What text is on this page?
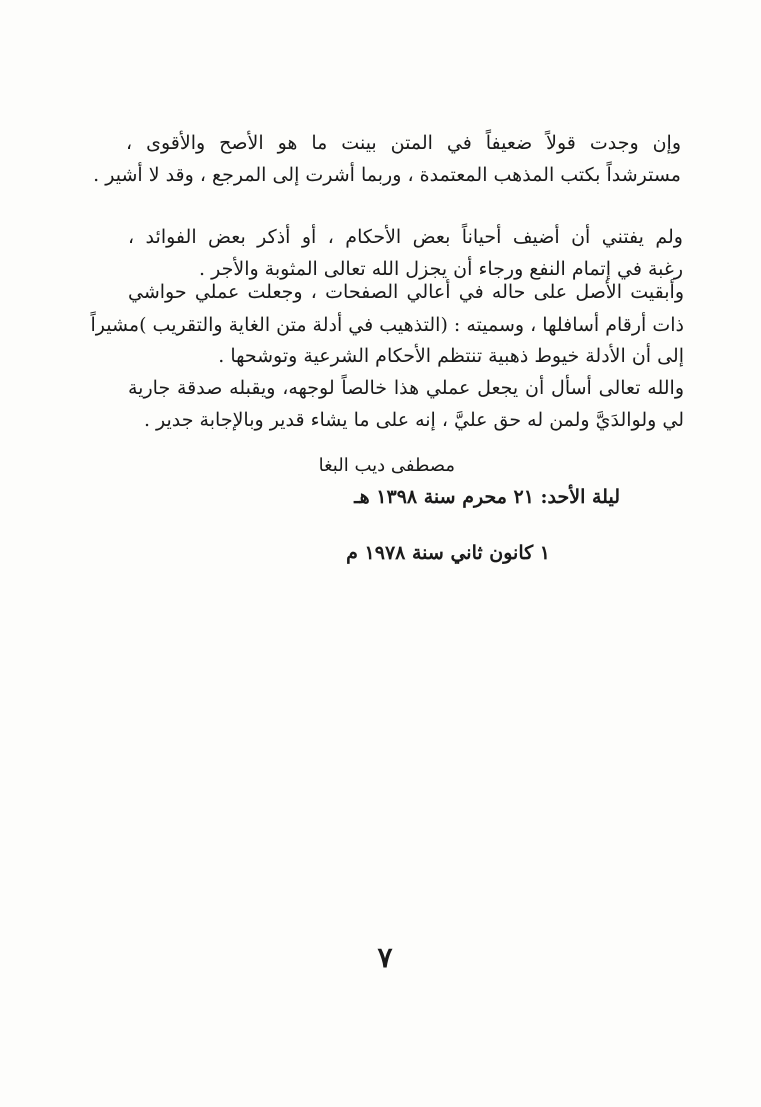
وإن وجدت قولاً ضعيفاً في المتن بينت ما هو الأصح والأقوى ،
مسترشداً بكتب المذهب المعتمدة ، وربما أشرت إلى المرجع ، وقد لا أشير .
ولم يفتني أن أضيف أحياناً بعض الأحكام ، أو أذكر بعض الفوائد ،
رغبة في إتمام النفع ورجاء أن يجزل الله تعالى المثوبة والأجر .
وأبقيت الأصل على حاله في أعالي الصفحات ، وجعلت عملي حواشي
ذات أرقام أسافلها ، وسميته : (التذهيب في أدلة متن الغاية والتقريب )مشيراً
إلى أن الأدلة خيوط ذهبية تنتظم الأحكام الشرعية وتوشحها .
والله تعالى أسأل أن يجعل عملي هذا خالصاً لوجهه، ويقبله صدقة جارية
لي ولوالدَيَّ ولمن له حق عليَّ ، إنه على ما يشاء قدير وبالإجابة جدير .
مصطفى ديب البغا
ليلة الأحد: ٢١ محرم سنة ١٣٩٨ هـ
١ كانون ثاني سنة ١٩٧٨ م
٧
